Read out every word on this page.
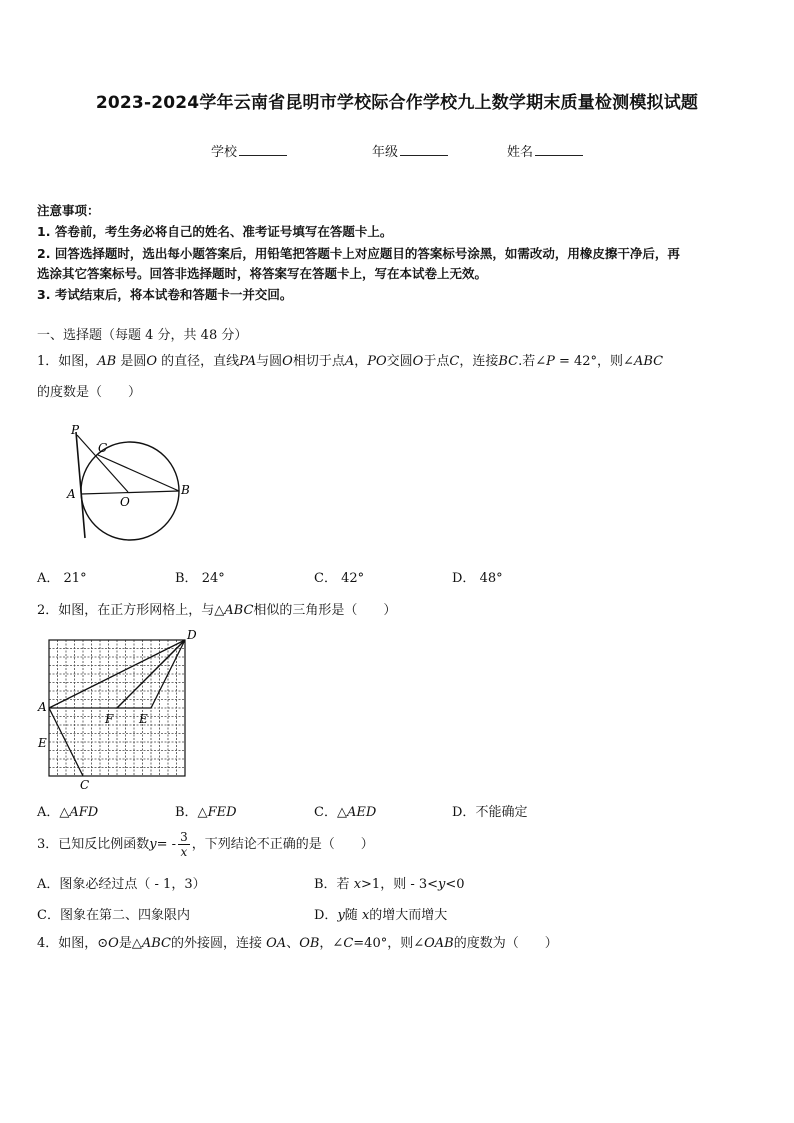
2023-2024学年云南省昆明市学校际合作学校九上数学期末质量检测模拟试题
学校	年级	姓名
注意事项：
1. 答卷前，考生务必将自己的姓名、准考证号填写在答题卡上。
2. 回答选择题时，选出每小题答案后，用铅笔把答题卡上对应题目的答案标号涂黑，如需改动，用橡皮擦干净后，再
选涂其它答案标号。回答非选择题时，将答案写在答题卡上，写在本试卷上无效。
3. 考试结束后，将本试卷和答题卡一并交回。
一、选择题（每题 4 分，共 48 分）
1．如图，AB 是圆O 的直径，直线PA与圆O相切于点A，PO交圆O于点C，连接BC.若∠P = 42°，则∠ABC
的度数是（　　）
P
C
A
O
B
A． 21°	B． 24°	C． 42°	D． 48°
2．如图，在正方形网格上，与△ABC相似的三角形是（　　）
D
A
F E
E
C
A．△AFD	B．△FED	C．△AED	D．不能确定
3．已知反比例函数$y= - \frac{3}{x}$ ，下列结论不正确的是（　　）
A．图象必经过点（ - 1，3）	B．若 x>1，则 - 3<y<0
C．图象在第二、四象限内	D．y随 x的增大而增大
4．如图，⊙O是△ABC的外接圆，连接 OA、OB，∠C=40°，则∠OAB的度数为（　　）
